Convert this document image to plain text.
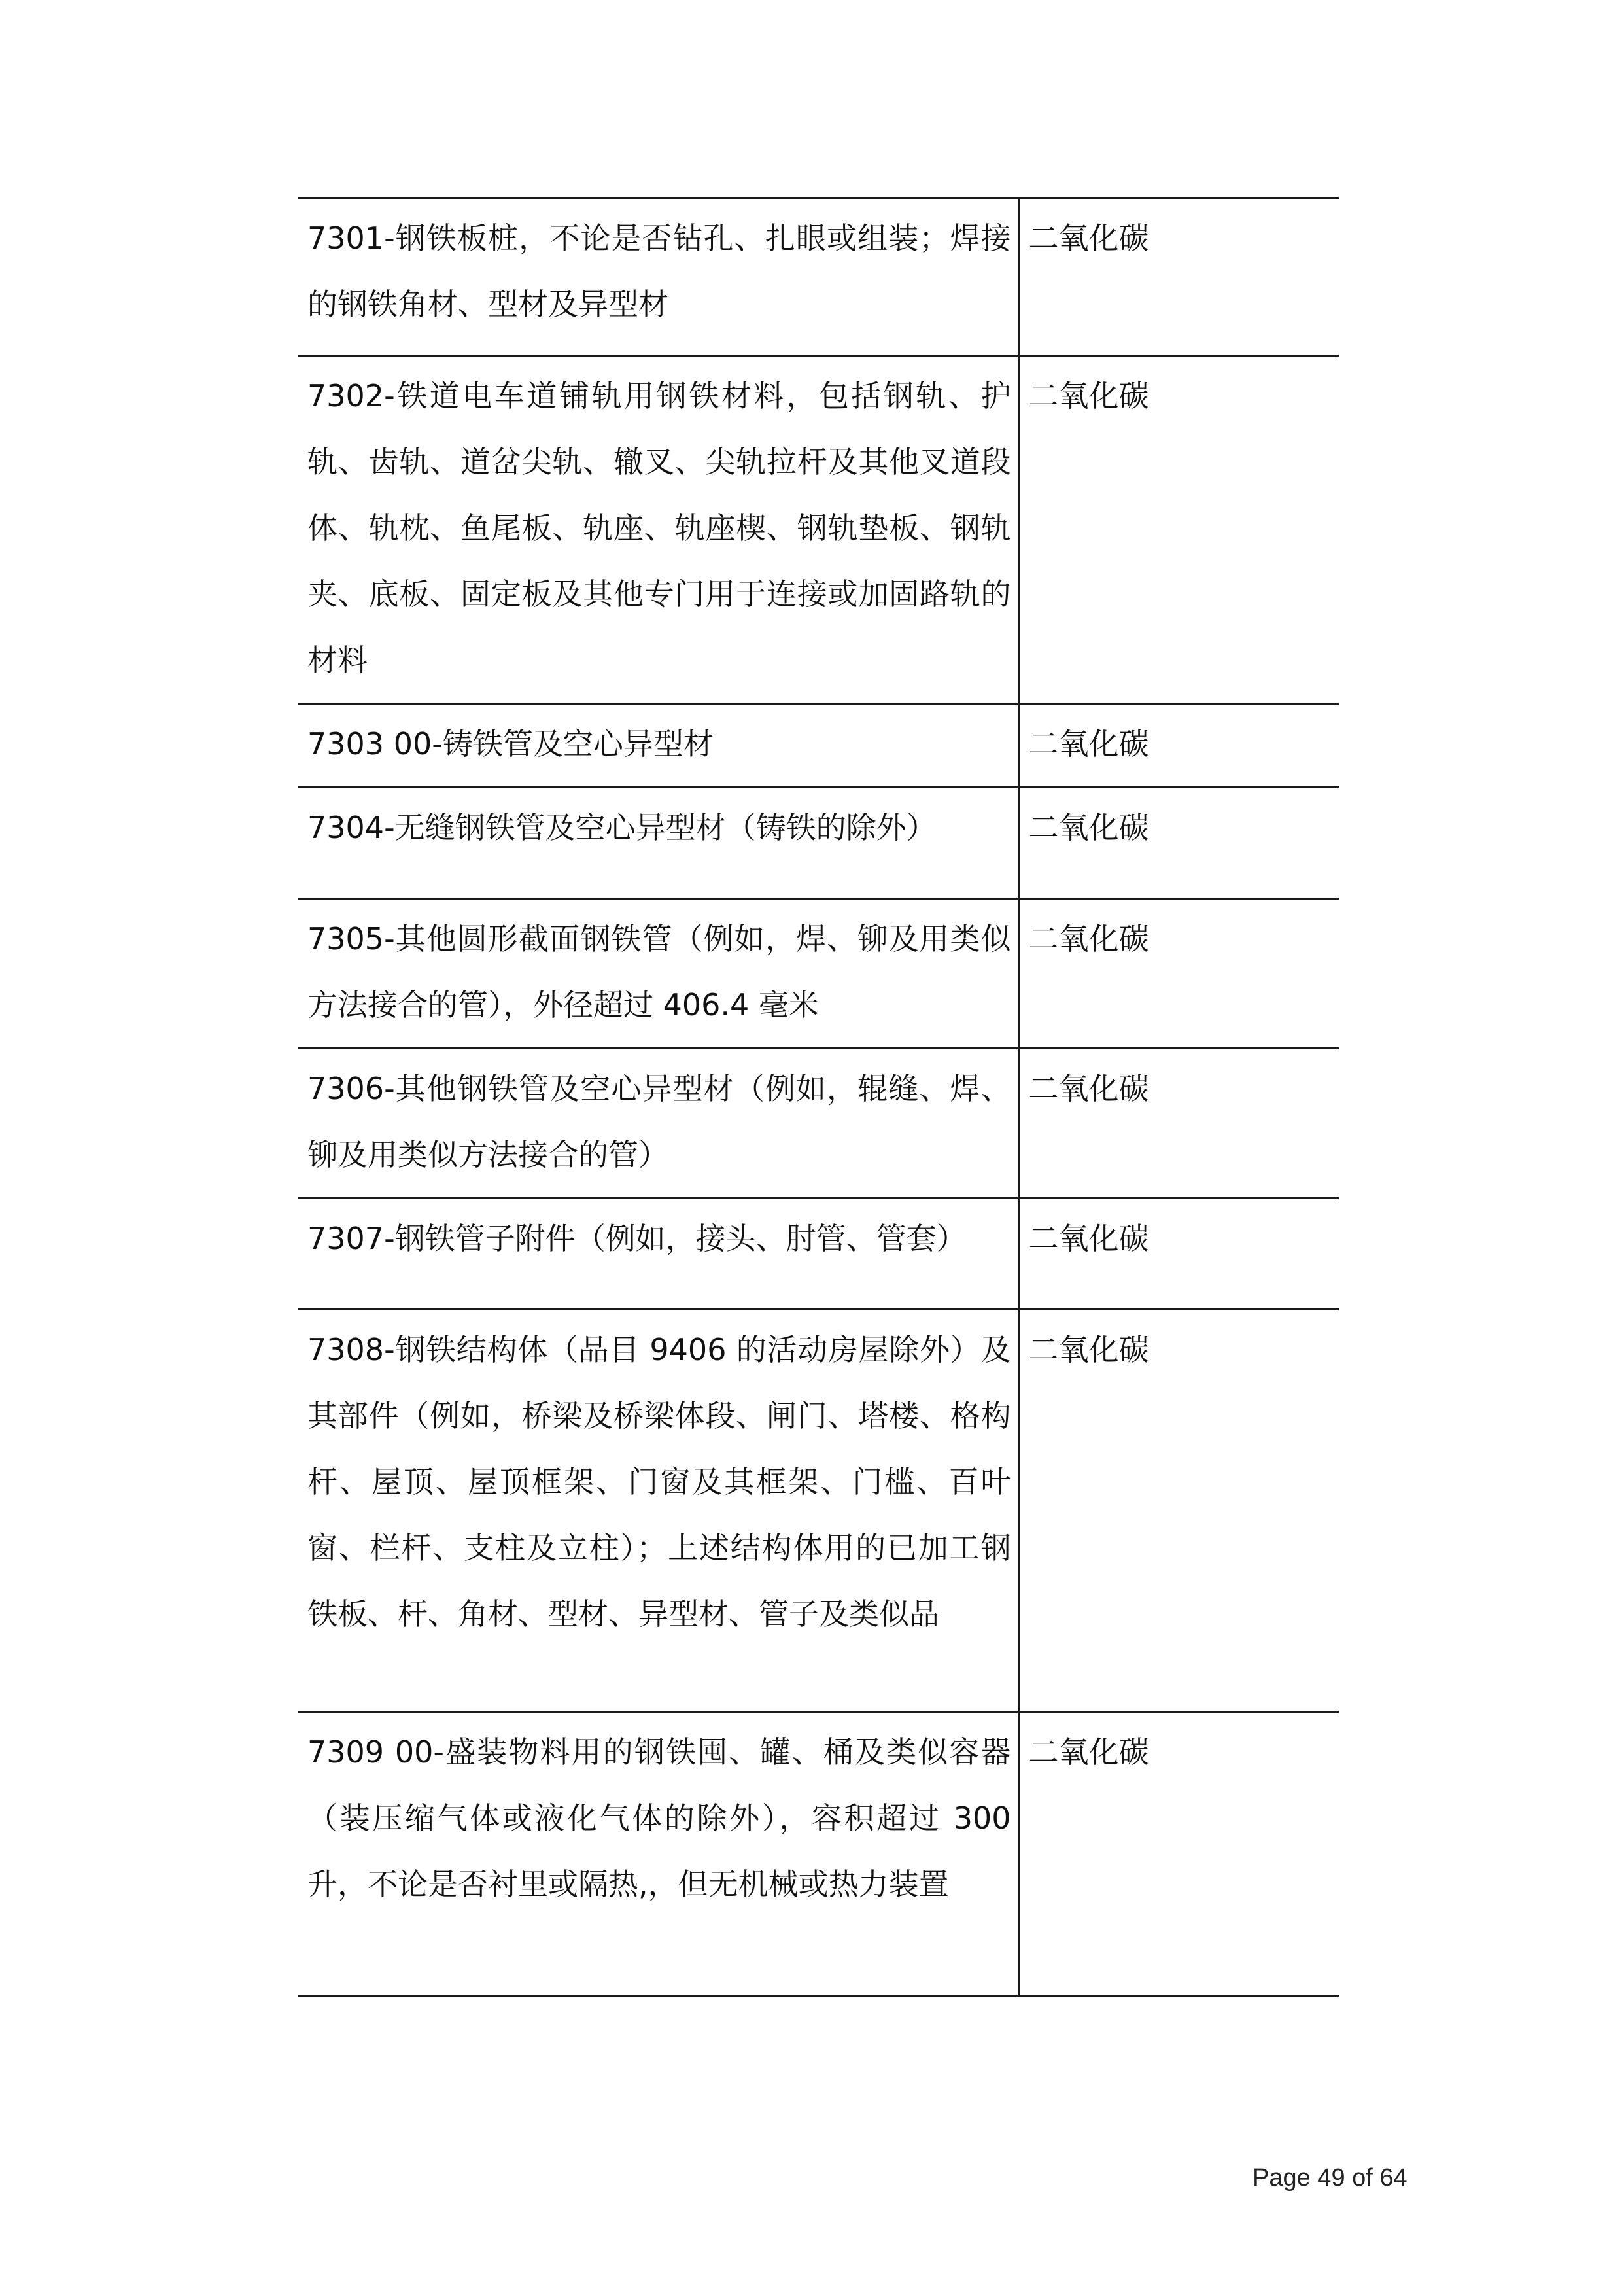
7301-钢铁板桩，不论是否钻孔、扎眼或组装；焊接的钢铁角材、型材及异型材	二氧化碳
7302-铁道电车道铺轨用钢铁材料，包括钢轨、护轨、齿轨、道岔尖轨、辙叉、尖轨拉杆及其他叉道段体、轨枕、鱼尾板、轨座、轨座楔、钢轨垫板、钢轨夹、底板、固定板及其他专门用于连接或加固路轨的材料	二氧化碳
7303 00-铸铁管及空心异型材	二氧化碳
7304-无缝钢铁管及空心异型材（铸铁的除外）	二氧化碳
7305-其他圆形截面钢铁管（例如，焊、铆及用类似方法接合的管），外径超过 406.4 毫米	二氧化碳
7306-其他钢铁管及空心异型材（例如，辊缝、焊、铆及用类似方法接合的管）	二氧化碳
7307-钢铁管子附件（例如，接头、肘管、管套）	二氧化碳
7308-钢铁结构体（品目 9406 的活动房屋除外）及其部件（例如，桥梁及桥梁体段、闸门、塔楼、格构杆、屋顶、屋顶框架、门窗及其框架、门槛、百叶窗、栏杆、支柱及立柱）；上述结构体用的已加工钢铁板、杆、角材、型材、异型材、管子及类似品	二氧化碳
7309 00-盛装物料用的钢铁囤、罐、桶及类似容器（装压缩气体或液化气体的除外），容积超过 300 升，不论是否衬里或隔热,，但无机械或热力装置	二氧化碳
Page 49 of 64
